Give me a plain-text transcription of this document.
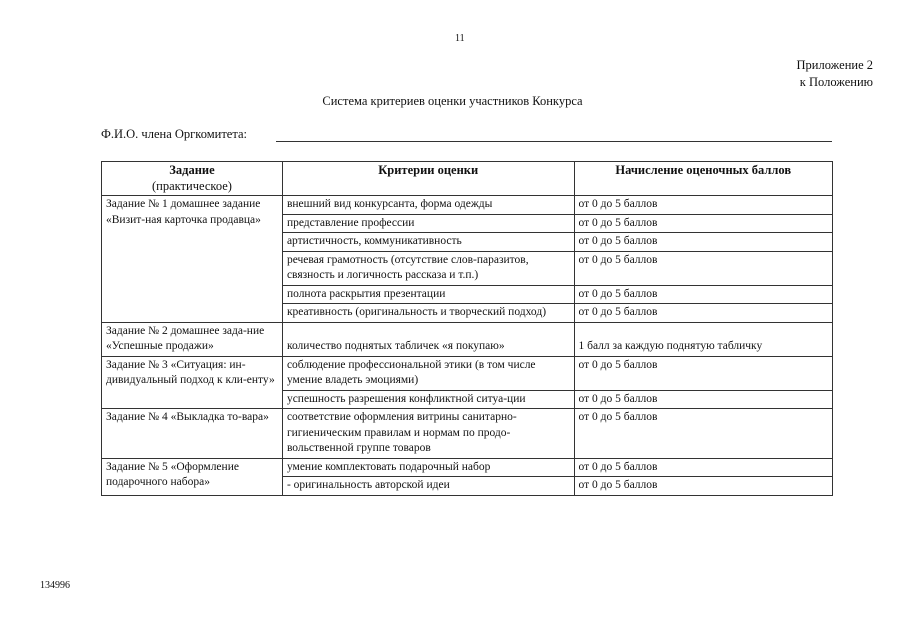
11
Приложение 2
к Положению
Система критериев оценки участников Конкурса
Ф.И.О. члена Оргкомитета:
Задание
(практическое)	Критерии оценки	Начисление оценочных баллов
Задание № 1 домашнее задание «Визит-ная карточка продавца»	внешний вид конкурсанта, форма одежды	от 0 до 5 баллов
	представление профессии	от 0 до 5 баллов
	артистичность, коммуникативность	от 0 до 5 баллов
	речевая грамотность (отсутствие слов-паразитов, связность и логичность рассказа и т.п.)	от 0 до 5 баллов
	полнота раскрытия презентации	от 0 до 5 баллов
	креативность (оригинальность и творческий подход)	от 0 до 5 баллов
Задание № 2 домашнее зада-ние «Успешные продажи»	количество поднятых табличек «я покупаю»	1 балл за каждую поднятую табличку
Задание № 3 «Ситуация: ин-дивидуальный подход к кли-енту»	соблюдение профессиональной этики (в том числе умение владеть эмоциями)	от 0 до 5 баллов
	успешность разрешения конфликтной ситуа-ции	от 0 до 5 баллов
Задание № 4 «Выкладка то-вара»	соответствие оформления витрины санитарно-гигиеническим правилам и нормам по продо-вольственной группе товаров	от 0 до 5 баллов
Задание № 5 «Оформление подарочного набора»	умение комплектовать подарочный набор	от 0 до 5 баллов
	- оригинальность авторской идеи	от 0 до 5 баллов
134996
